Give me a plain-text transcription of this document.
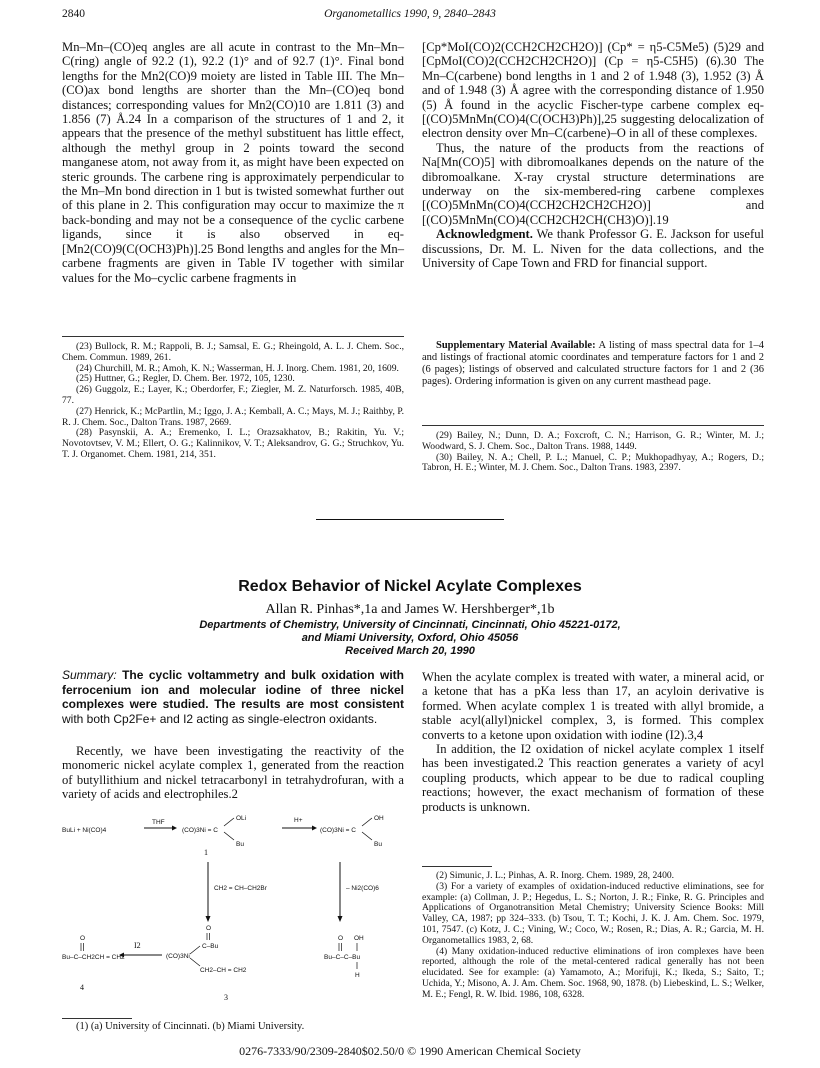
2840	Organometallics 1990, 9, 2840–2843

Mn–Mn–(CO)eq angles are all acute in contrast to the Mn–Mn–C(ring) angle of 92.2 (1), 92.2 (1)° and of 92.7 (1)°. Final bond lengths for the Mn2(CO)9 moiety are listed in Table III. The Mn–(CO)ax bond lengths are shorter than the Mn–(CO)eq bond distances; corresponding values for Mn2(CO)10 are 1.811 (3) and 1.856 (7) Å.24 In a comparison of the structures of 1 and 2, it appears that the presence of the methyl substituent has little effect, although the methyl group in 2 points toward the second manganese atom, not away from it, as might have been expected on steric grounds. The carbene ring is approximately perpendicular to the Mn–Mn bond direction in 1 but is twisted somewhat further out of this plane in 2. This configuration may occur to maximize the π back-bonding and may not be a consequence of the cyclic carbene ligands, since it is also observed in eq-[Mn2(CO)9(C(OCH3)Ph)].25 Bond lengths and angles for the Mn–carbene fragments are given in Table IV together with similar values for the Mo–cyclic carbene fragments in

[Cp*MoI(CO)2(CCH2CH2CH2O)] (Cp* = η5-C5Me5) (5)29 and [CpMoI(CO)2(CCH2CH2CH2O)] (Cp = η5-C5H5) (6).30 The Mn–C(carbene) bond lengths in 1 and 2 of 1.948 (3), 1.952 (3) Å and of 1.948 (3) Å agree with the corresponding distance of 1.950 (5) Å found in the acyclic Fischer-type carbene complex eq-[(CO)5MnMn(CO)4(C(OCH3)Ph)],25 suggesting delocalization of electron density over Mn–C(carbene)–O in all of these complexes.

Thus, the nature of the products from the reactions of Na[Mn(CO)5] with dibromoalkanes depends on the nature of the dibromoalkane. X-ray crystal structure determinations are underway on the six-membered-ring carbene complexes [(CO)5MnMn(CO)4(CCH2CH2CH2CH2O)] and [(CO)5MnMn(CO)4(CCH2CH2CH(CH3)O)].19

Acknowledgment. We thank Professor G. E. Jackson for useful discussions, Dr. M. L. Niven for the data collections, and the University of Cape Town and FRD for financial support.

Supplementary Material Available: A listing of mass spectral data for 1–4 and listings of fractional atomic coordinates and temperature factors for 1 and 2 (6 pages); listings of observed and calculated structure factors for 1 and 2 (36 pages). Ordering information is given on any current masthead page.

(23) Bullock, R. M.; Rappoli, B. J.; Samsal, E. G.; Rheingold, A. L. J. Chem. Soc., Chem. Commun. 1989, 261.

(24) Churchill, M. R.; Amoh, K. N.; Wasserman, H. J. Inorg. Chem. 1981, 20, 1609.

(25) Huttner, G.; Regler, D. Chem. Ber. 1972, 105, 1230.

(26) Guggolz, E.; Layer, K.; Oberdorfer, F.; Ziegler, M. Z. Naturforsch. 1985, 40B, 77.

(27) Henrick, K.; McPartlin, M.; Iggo, J. A.; Kemball, A. C.; Mays, M. J.; Raithby, P. R. J. Chem. Soc., Dalton Trans. 1987, 2669.

(28) Pasynskii, A. A.; Eremenko, I. L.; Orazsakhatov, B.; Rakitin, Yu. V.; Novotovtsev, V. M.; Ellert, O. G.; Kalinnikov, V. T.; Aleksandrov, G. G.; Struchkov, Yu. T. J. Organomet. Chem. 1981, 214, 351.

(29) Bailey, N.; Dunn, D. A.; Foxcroft, C. N.; Harrison, G. R.; Winter, M. J.; Woodward, S. J. Chem. Soc., Dalton Trans. 1988, 1449.

(30) Bailey, N. A.; Chell, P. L.; Manuel, C. P.; Mukhopadhyay, A.; Rogers, D.; Tabron, H. E.; Winter, M. J. Chem. Soc., Dalton Trans. 1983, 2397.

Redox Behavior of Nickel Acylate Complexes
Allan R. Pinhas*,1a and James W. Hershberger*,1b
Departments of Chemistry, University of Cincinnati, Cincinnati, Ohio 45221-0172,
and Miami University, Oxford, Ohio 45056
Received March 20, 1990
Summary: The cyclic voltammetry and bulk oxidation with ferrocenium ion and molecular iodine of three nickel complexes were studied. The results are most consistent with both Cp2Fe+ and I2 acting as single-electron oxidants.

Recently, we have been investigating the reactivity of the monomeric nickel acylate complex 1, generated from the reaction of butyllithium and nickel tetracarbonyl in tetrahydrofuran, with a variety of acids and electrophiles.2

BuLi + Ni(CO)4
THF
(CO)3Ni = C
OLi
Bu
1
H+
(CO)3Ni = C
OH
Bu
CH2 = CH–CH2Br	– Ni2(CO)6
O
C–Bu
(CO)3Ni
CH2–CH = CH2
3
I2
O
Bu–C–CH2CH = CH2
4
O OH
Bu–C–C–Bu
H

(1) (a) University of Cincinnati. (b) Miami University.

When the acylate complex is treated with water, a mineral acid, or a ketone that has a pKa less than 17, an acyloin derivative is formed. When acylate complex 1 is treated with allyl bromide, a stable acyl(allyl)nickel complex, 3, is formed. This complex converts to a ketone upon oxidation with iodine (I2).3,4

In addition, the I2 oxidation of nickel acylate complex 1 itself has been investigated.2 This reaction generates a variety of acyl coupling products, which appear to be due to radical coupling reactions; however, the exact mechanism of formation of these products is unknown.

(2) Simunic, J. L.; Pinhas, A. R. Inorg. Chem. 1989, 28, 2400.

(3) For a variety of examples of oxidation-induced reductive eliminations, see for example: (a) Collman, J. P.; Hegedus, L. S.; Norton, J. R.; Finke, R. G. Principles and Applications of Organotransition Metal Chemistry; University Science Books: Mill Valley, CA, 1987; pp 324–333. (b) Tsou, T. T.; Kochi, J. K. J. Am. Chem. Soc. 1979, 101, 7547. (c) Kotz, J. C.; Vining, W.; Coco, W.; Rosen, R.; Dias, A. R.; Garcia, M. H. Organometallics 1983, 2, 68.

(4) Many oxidation-induced reductive eliminations of iron complexes have been reported, although the role of the metal-centered radical generally has not been elucidated. See for example: (a) Yamamoto, A.; Morifuji, K.; Ikeda, S.; Saito, T.; Uchida, Y.; Misono, A. J. Am. Chem. Soc. 1968, 90, 1878. (b) Liebeskind, L. S.; Welker, M. E.; Fengl, R. W. Ibid. 1986, 108, 6328.

0276-7333/90/2309-2840$02.50/0 © 1990 American Chemical Society
